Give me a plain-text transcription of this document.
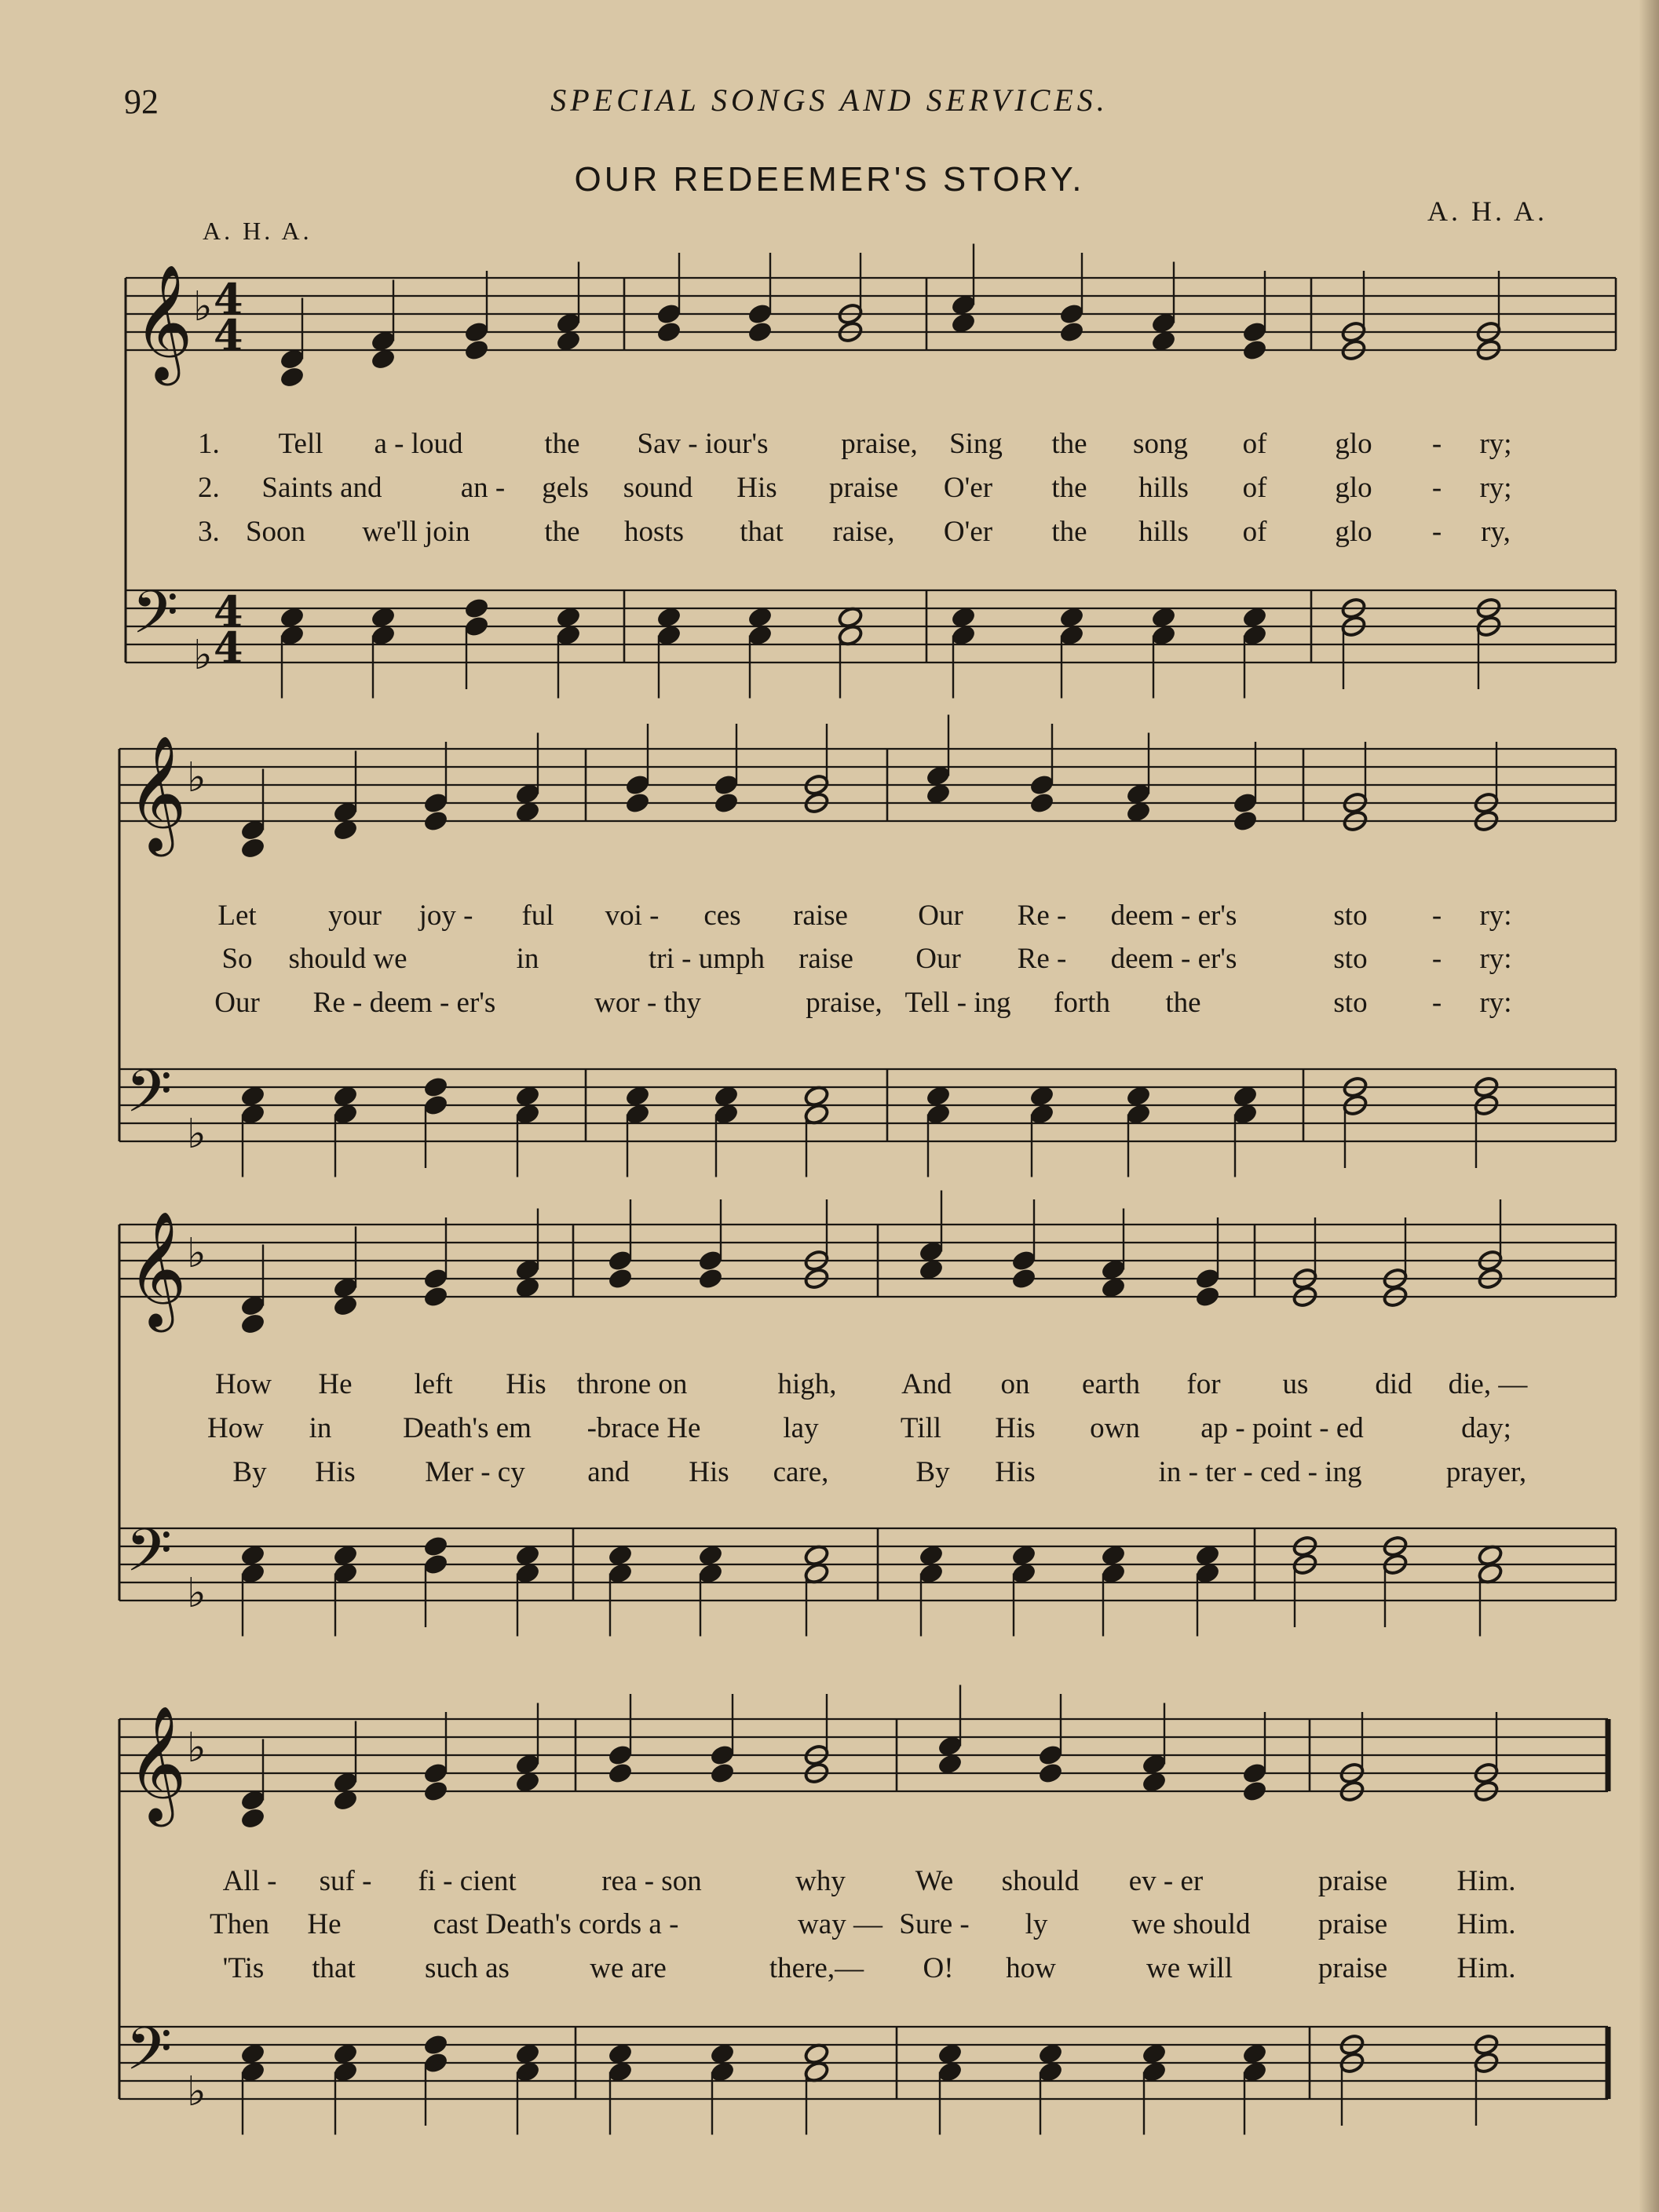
92	SPECIAL SONGS AND SERVICES.
OUR REDEEMER'S STORY.
A. H. A.
A. H. A.
𝄞
𝄢
♭
♭
4
4
4
4
𝄞
𝄢
♭
♭
𝄞
𝄢
♭
♭
𝄞
𝄢
♭
♭
1. Tell a - loud	the Sav - iour's	praise, Sing the song of glo - ry;
2. Saints and	an - gels sound His praise O'er the hills of glo - ry;
3. Soon we'll join	the hosts that raise, O'er the hills of glo - ry,
Let your joy - ful voi - ces raise Our Re - deem - er's	sto - ry:
So should we	in	tri - umph raise Our Re - deem - er's	sto - ry:
Our Re - deem - er's	wor - thy	praise, Tell - ing forth the	sto - ry:
How He left His throne on	high, And on earth for us did die, —
How in Death's em -brace He	lay	Till His own ap - point - ed	day;
By His Mer - cy and His care,	By His	in - ter - ced - ing	prayer,
All - suf - fi - cient	rea - son	why We should ev - er	praise Him.
Then He	cast Death's cords a -	way — Sure - ly	we should praise Him.
'Tis that such as	we are	there,— O! how	we will	praise Him.
